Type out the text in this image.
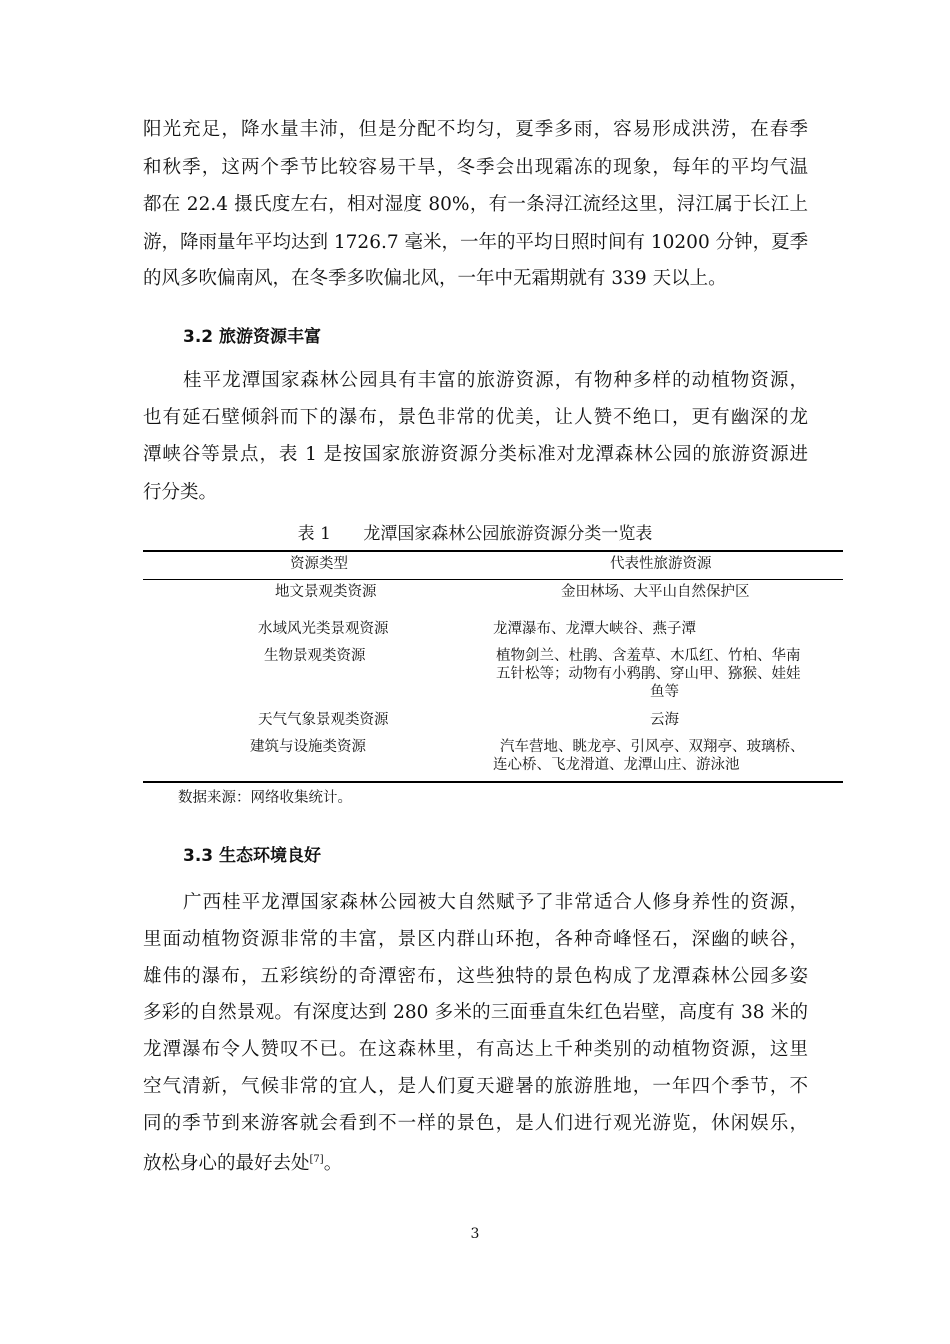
阳光充足，降水量丰沛，但是分配不均匀，夏季多雨，容易形成洪涝，在春季
和秋季，这两个季节比较容易干旱，冬季会出现霜冻的现象，每年的平均气温
都在 22.4 摄氏度左右，相对湿度 80%，有一条浔江流经这里，浔江属于长江上
游，降雨量年平均达到 1726.7 毫米，一年的平均日照时间有 10200 分钟，夏季
的风多吹偏南风，在冬季多吹偏北风，一年中无霜期就有 339 天以上。
3.2 旅游资源丰富
桂平龙潭国家森林公园具有丰富的旅游资源，有物种多样的动植物资源，
也有延石壁倾斜而下的瀑布，景色非常的优美，让人赞不绝口，更有幽深的龙
潭峡谷等景点，表 1 是按国家旅游资源分类标准对龙潭森林公园的旅游资源进
行分类。
表 1      龙潭国家森林公园旅游资源分类一览表
资源类型	代表性旅游资源
地文景观类资源	金田林场、大平山自然保护区
水域风光类景观资源	龙潭瀑布、龙潭大峡谷、燕子潭
生物景观类资源	植物剑兰、杜鹃、含羞草、木瓜红、竹柏、华南
五针松等；动物有小鸦鹃、穿山甲、猕猴、娃娃
鱼等
天气气象景观类资源	云海
建筑与设施类资源	汽车营地、眺龙亭、引风亭、双翔亭、玻璃桥、
连心桥、飞龙滑道、龙潭山庄、游泳池
数据来源：网络收集统计。
3.3 生态环境良好
广西桂平龙潭国家森林公园被大自然赋予了非常适合人修身养性的资源，
里面动植物资源非常的丰富，景区内群山环抱，各种奇峰怪石，深幽的峡谷，
雄伟的瀑布，五彩缤纷的奇潭密布，这些独特的景色构成了龙潭森林公园多姿
多彩的自然景观。有深度达到 280 多米的三面垂直朱红色岩壁，高度有 38 米的
龙潭瀑布令人赞叹不已。在这森林里，有高达上千种类别的动植物资源，这里
空气清新，气候非常的宜人，是人们夏天避暑的旅游胜地，一年四个季节，不
同的季节到来游客就会看到不一样的景色，是人们进行观光游览，休闲娱乐，
放松身心的最好去处[7]。
3
